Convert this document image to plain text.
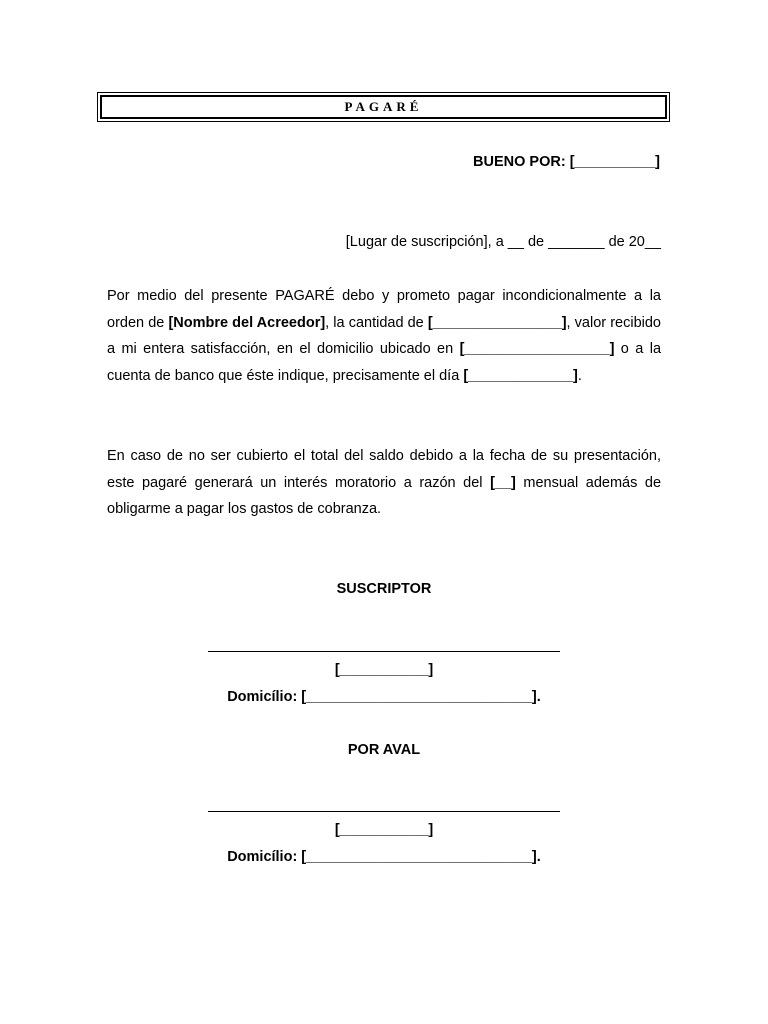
PAGARÉ
BUENO POR: [__________]
[Lugar de suscripción], a __ de _______ de 20__

Por medio del presente PAGARÉ debo y prometo pagar incondicionalmente a la orden de [Nombre del Acreedor], la cantidad de [________________], valor recibido a mi entera satisfacción, en el domicilio ubicado en [__________________] o a la cuenta de banco que éste indique, precisamente el día [_____________].

En caso de no ser cubierto el total del saldo debido a la fecha de su presentación, este pagaré generará un interés moratorio a razón del [__] mensual además de obligarme a pagar los gastos de cobranza.

SUSCRIPTOR
[___________]
Domicílio: [____________________________].
POR AVAL
[___________]
Domicílio: [____________________________].
